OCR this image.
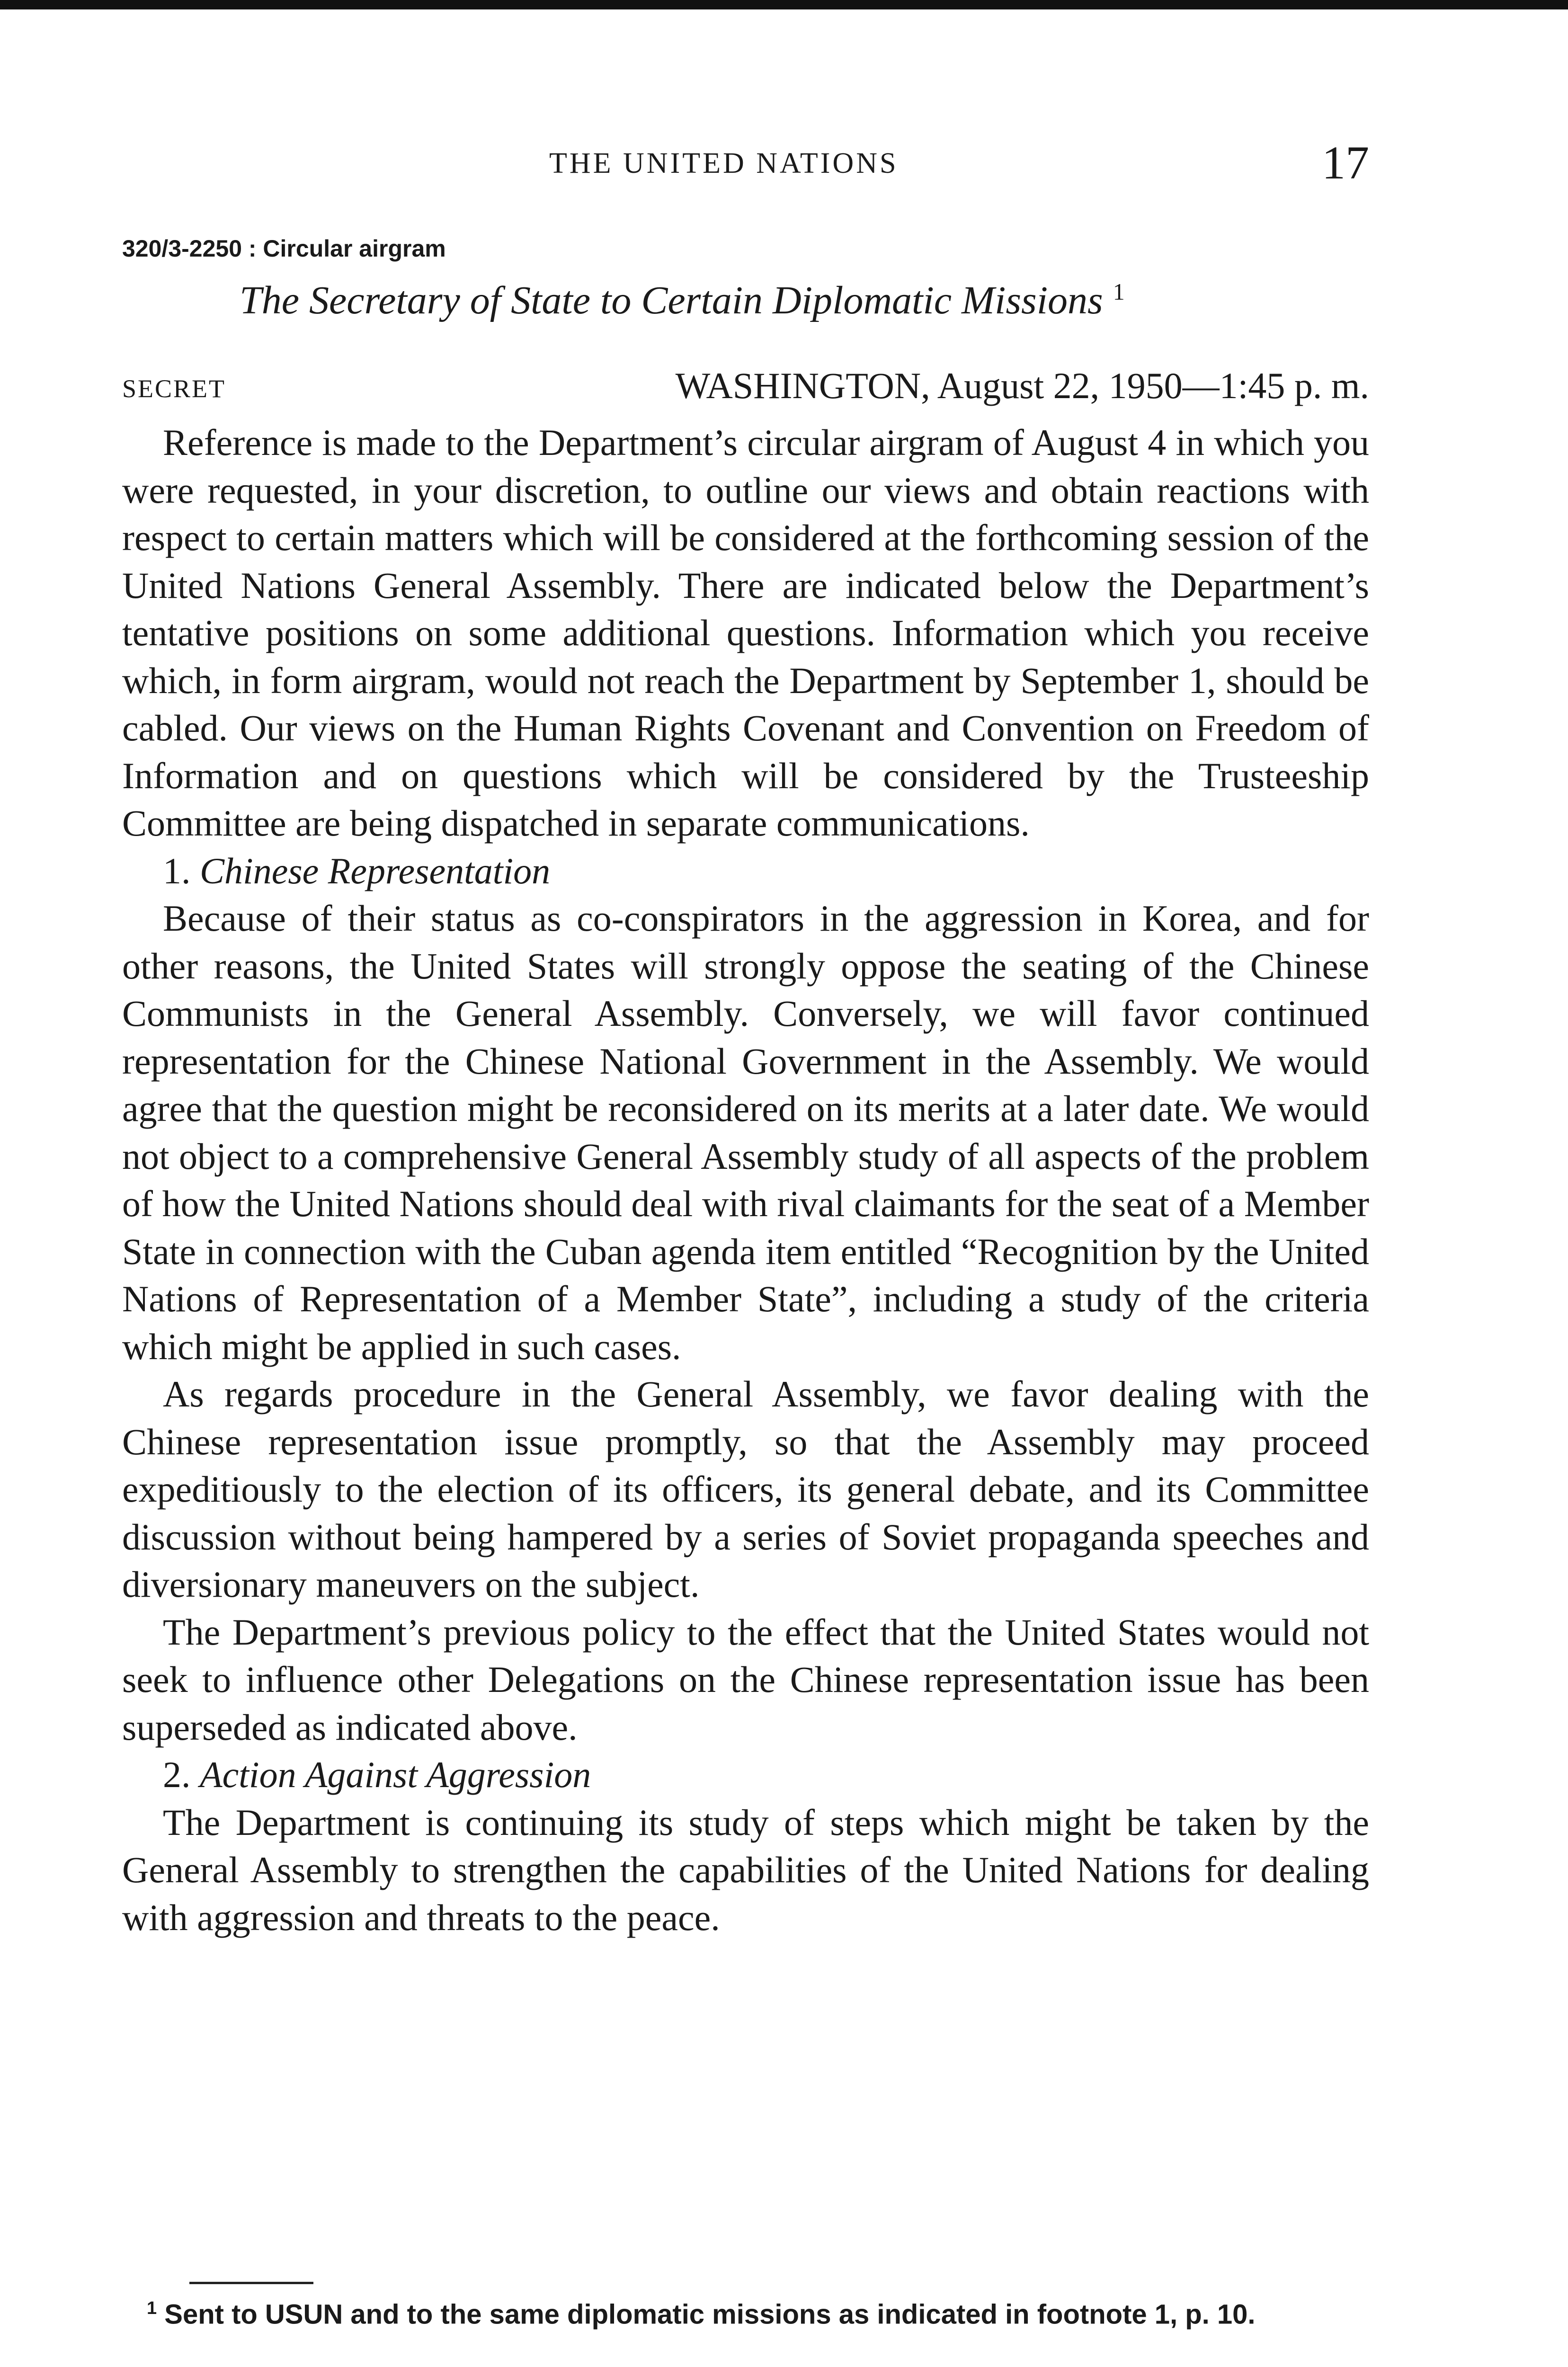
THE UNITED NATIONS	17
320/3-2250 : Circular airgram
The Secretary of State to Certain Diplomatic Missions $^1$
SECRET	WASHINGTON, August 22, 1950—1:45 p. m.

Reference is made to the Department’s circular airgram of August 4 in which you were requested, in your discretion, to outline our views and obtain reactions with respect to certain matters which will be considered at the forthcoming session of the United Nations General Assembly. There are indicated below the Department’s tentative positions on some additional questions. Information which you receive which, in form airgram, would not reach the Department by September 1, should be cabled. Our views on the Human Rights Covenant and Convention on Freedom of Information and on questions which will be considered by the Trusteeship Committee are being dispatched in separate communications.

1. Chinese Representation

Because of their status as co-conspirators in the aggression in Korea, and for other reasons, the United States will strongly oppose the seating of the Chinese Communists in the General Assembly. Conversely, we will favor continued representation for the Chinese National Government in the Assembly. We would agree that the question might be reconsidered on its merits at a later date. We would not object to a comprehensive General Assembly study of all aspects of the problem of how the United Nations should deal with rival claimants for the seat of a Member State in connection with the Cuban agenda item entitled “Recognition by the United Nations of Representation of a Member State”, including a study of the criteria which might be applied in such cases.

As regards procedure in the General Assembly, we favor dealing with the Chinese representation issue promptly, so that the Assembly may proceed expeditiously to the election of its officers, its general debate, and its Committee discussion without being hampered by a series of Soviet propaganda speeches and diversionary maneuvers on the subject.

The Department’s previous policy to the effect that the United States would not seek to influence other Delegations on the Chinese representation issue has been superseded as indicated above.

2. Action Against Aggression

The Department is continuing its study of steps which might be taken by the General Assembly to strengthen the capabilities of the United Nations for dealing with aggression and threats to the peace.

$^1$ Sent to USUN and to the same diplomatic missions as indicated in footnote 1, p. 10.
